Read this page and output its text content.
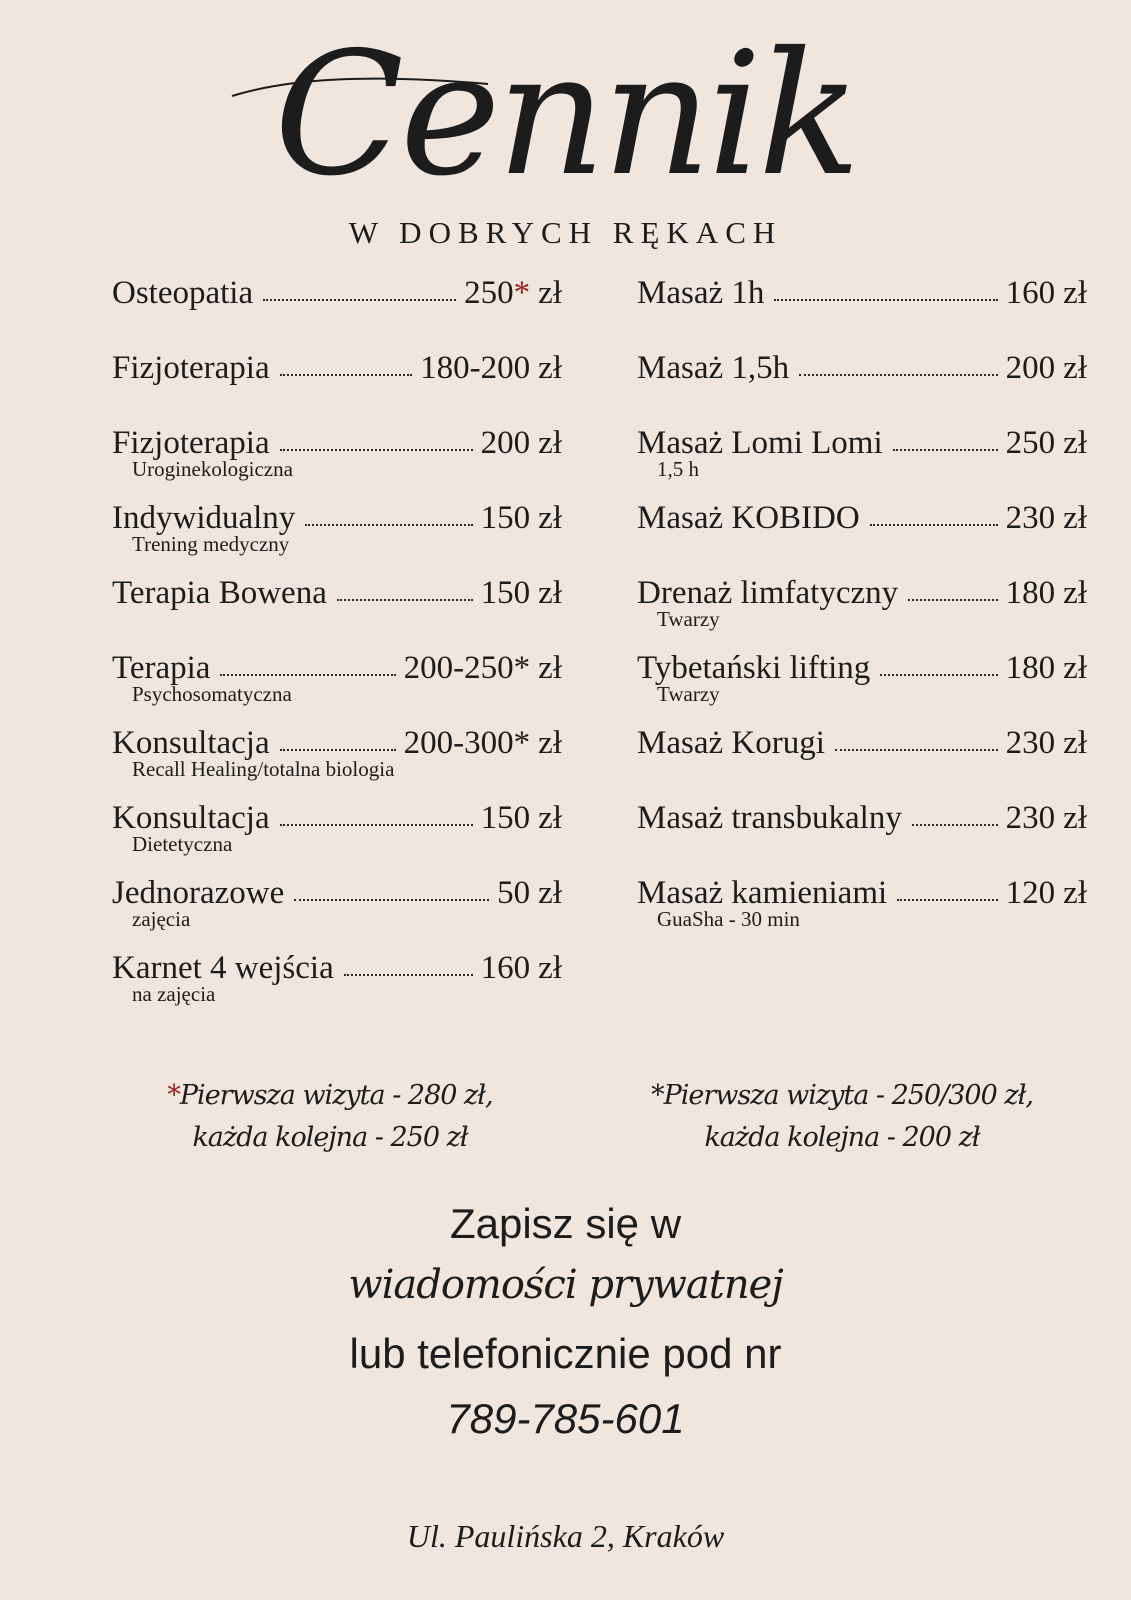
Cennik
W DOBRYCH RĘKACH
Osteopatia	250* zł
Fizjoterapia	180-200 zł
Fizjoterapia	200 zł
Uroginekologiczna
Indywidualny	150 zł
Trening medyczny
Terapia Bowena	150 zł
Terapia	200-250* zł
Psychosomatyczna
Konsultacja	200-300* zł
Recall Healing/totalna biologia
Konsultacja	150 zł
Dietetyczna
Jednorazowe	50 zł
zajęcia
Karnet 4 wejścia	160 zł
na zajęcia
Masaż 1h	160 zł
Masaż 1,5h	200 zł
Masaż Lomi Lomi	250 zł
1,5 h
Masaż KOBIDO	230 zł
Drenaż limfatyczny	180 zł
Twarzy
Tybetański lifting	180 zł
Twarzy
Masaż Korugi	230 zł
Masaż transbukalny	230 zł
Masaż kamieniami	120 zł
GuaSha - 30 min
*Pierwsza wizyta - 280 zł,
każda kolejna - 250 zł
*Pierwsza wizyta - 250/300 zł,
każda kolejna - 200 zł
Zapisz się w
wiadomości prywatnej
lub telefonicznie pod nr
789-785-601
Ul. Paulińska 2, Kraków
